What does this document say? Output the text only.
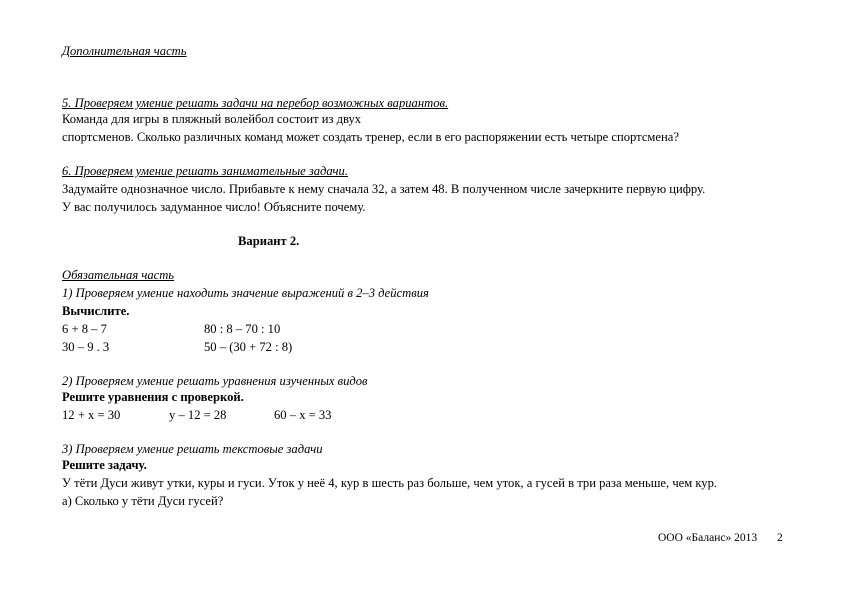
Дополнительная часть
5. Проверяем умение решать задачи на перебор возможных вариантов.
Команда для игры в пляжный волейбол состоит из двух
спортсменов. Сколько различных команд может создать тренер, если в его распоряжении есть четыре спортсмена?
6. Проверяем умение решать занимательные задачи.
Задумайте однозначное число. Прибавьте к нему сначала 32, а затем 48. В полученном числе зачеркните первую цифру.
У вас получилось задуманное число! Объясните почему.
Вариант 2.
Обязательная часть
1) Проверяем умение находить значение выражений в 2–3 действия
Вычислите.
6 + 8 – 7	80 : 8 – 70 : 10
30 – 9 . 3	50 – (30 + 72 : 8)
2) Проверяем умение решать уравнения изученных видов
Решите уравнения с проверкой.
12 + х = 30	у – 12 = 28	60 – х = 33
3) Проверяем умение решать текстовые задачи
Решите задачу.
У тёти Дуси живут утки, куры и гуси. Уток у неё 4, кур в шесть раз больше, чем уток, а гусей в три раза меньше, чем кур.
а) Сколько у тёти Дуси гусей?
ООО «Баланс» 2013 2
